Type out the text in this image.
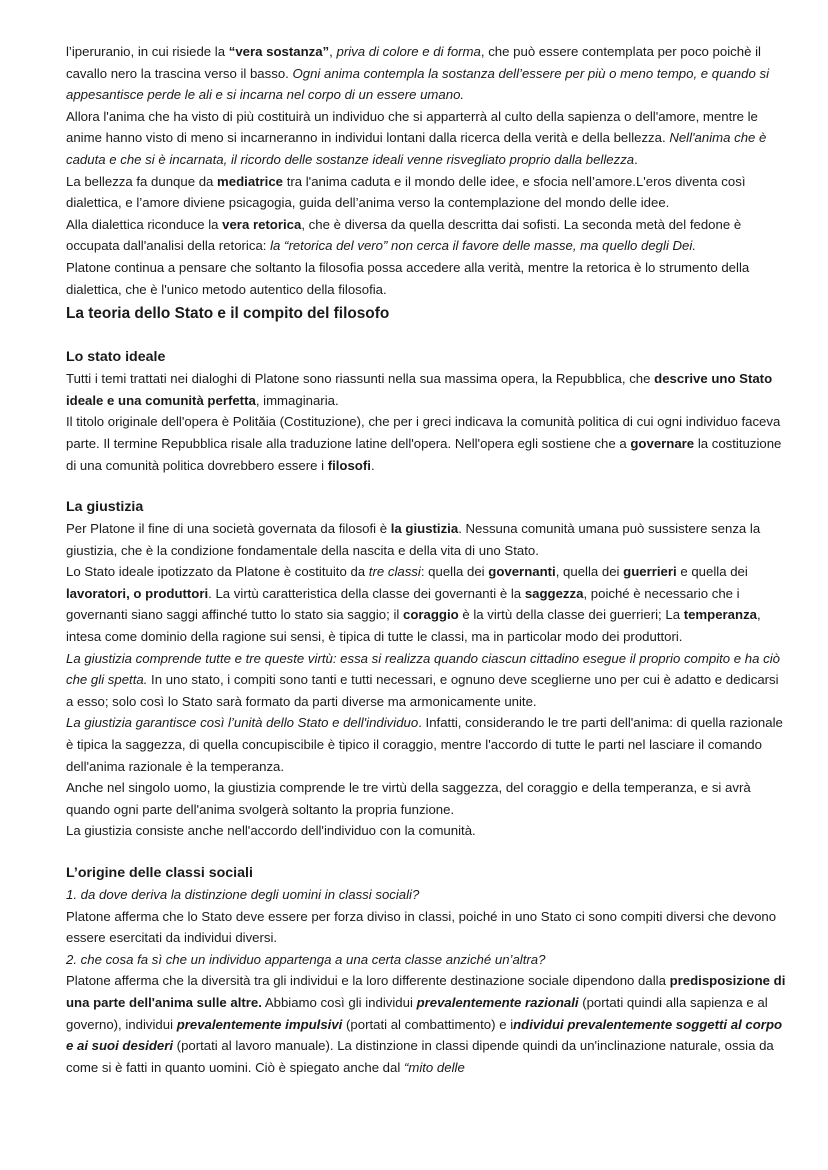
l’iperuranio, in cui risiede la “vera sostanza”, priva di colore e di forma, che può essere contemplata per poco poichè il cavallo nero la trascina verso il basso. Ogni anima contempla la sostanza dell’essere per più o meno tempo, e quando si appesantisce perde le ali e si incarna nel corpo di un essere umano.

Allora l'anima che ha visto di più costituirà un individuo che si apparterrà al culto della sapienza o dell'amore, mentre le anime hanno visto di meno si incarneranno in individui lontani dalla ricerca della verità e della bellezza. Nell'anima che è caduta e che si è incarnata, il ricordo delle sostanze ideali venne risvegliato proprio dalla bellezza.

La bellezza fa dunque da mediatrice tra l'anima caduta e il mondo delle idee, e sfocia nell’amore.L'eros diventa così dialettica, e l’amore diviene psicagogia, guida dell’anima verso la contemplazione del mondo delle idee.

Alla dialettica riconduce la vera retorica, che è diversa da quella descritta dai sofisti. La seconda metà del fedone è occupata dall'analisi della retorica: la “retorica del vero” non cerca il favore delle masse, ma quello degli Dei.

Platone continua a pensare che soltanto la filosofia possa accedere alla verità, mentre la retorica è lo strumento della dialettica, che è l'unico metodo autentico della filosofia.

La teoria dello Stato e il compito del filosofo
Lo stato ideale

Tutti i temi trattati nei dialoghi di Platone sono riassunti nella sua massima opera, la Repubblica, che descrive uno Stato ideale e una comunità perfetta, immaginaria.

Il titolo originale dell'opera è Polităia (Costituzione), che per i greci indicava la comunità politica di cui ogni individuo faceva parte. Il termine Repubblica risale alla traduzione latine dell'opera. Nell'opera egli sostiene che a governare la costituzione di una comunità politica dovrebbero essere i filosofi.

La giustizia

Per Platone il fine di una società governata da filosofi è la giustizia. Nessuna comunità umana può sussistere senza la giustizia, che è la condizione fondamentale della nascita e della vita di uno Stato.

Lo Stato ideale ipotizzato da Platone è costituito da tre classi: quella dei governanti, quella dei guerrieri e quella dei lavoratori, o produttori. La virtù caratteristica della classe dei governanti è la saggezza, poiché è necessario che i governanti siano saggi affinché tutto lo stato sia saggio; il coraggio è la virtù della classe dei guerrieri; La temperanza, intesa come dominio della ragione sui sensi, è tipica di tutte le classi, ma in particolar modo dei produttori.

La giustizia comprende tutte e tre queste virtù: essa si realizza quando ciascun cittadino esegue il proprio compito e ha ciò che gli spetta. In uno stato, i compiti sono tanti e tutti necessari, e ognuno deve sceglierne uno per cui è adatto e dedicarsi a esso; solo così lo Stato sarà formato da parti diverse ma armonicamente unite.

La giustizia garantisce così l’unità dello Stato e dell'individuo. Infatti, considerando le tre parti dell'anima: di quella razionale è tipica la saggezza, di quella concupiscibile è tipico il coraggio, mentre l'accordo di tutte le parti nel lasciare il comando dell'anima razionale è la temperanza.

Anche nel singolo uomo, la giustizia comprende le tre virtù della saggezza, del coraggio e della temperanza, e si avrà quando ogni parte dell'anima svolgerà soltanto la propria funzione.

La giustizia consiste anche nell'accordo dell'individuo con la comunità.

L’origine delle classi sociali

1. da dove deriva la distinzione degli uomini in classi sociali?

Platone afferma che lo Stato deve essere per forza diviso in classi, poiché in uno Stato ci sono compiti diversi che devono essere esercitati da individui diversi.

2. che cosa fa sì che un individuo appartenga a una certa classe anziché un’altra?

Platone afferma che la diversità tra gli individui e la loro differente destinazione sociale dipendono dalla predisposizione di una parte dell'anima sulle altre. Abbiamo così gli individui prevalentemente razionali (portati quindi alla sapienza e al governo), individui prevalentemente impulsivi (portati al combattimento) e individui prevalentemente soggetti al corpo e ai suoi desideri (portati al lavoro manuale). La distinzione in classi dipende quindi da un'inclinazione naturale, ossia da come si è fatti in quanto uomini. Ciò è spiegato anche dal “mito delle
